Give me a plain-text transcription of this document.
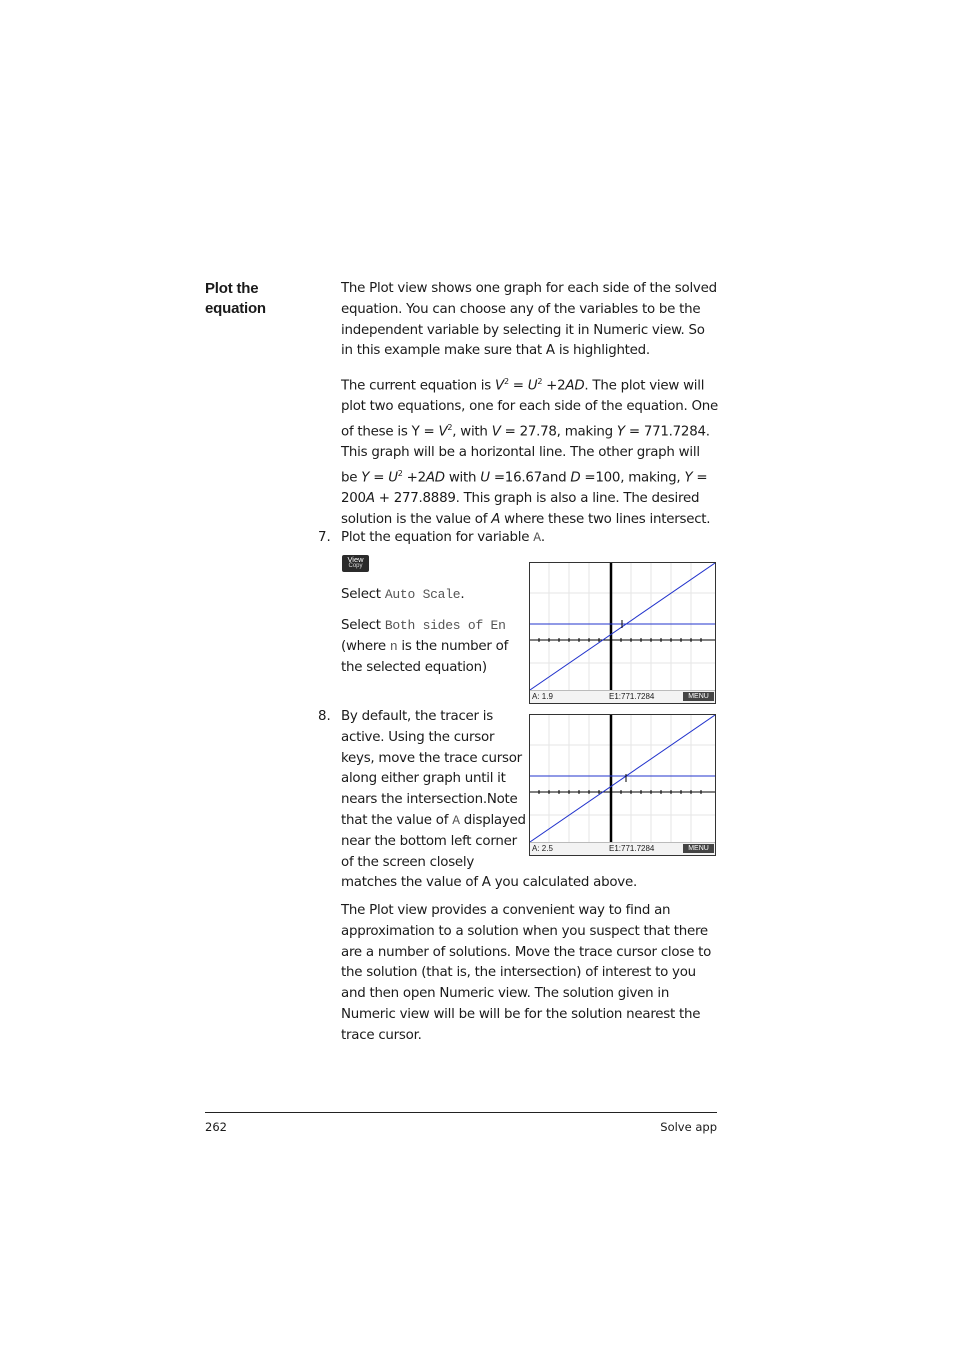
Plot the
equation
The Plot view shows one graph for each side of the solved equation. You can choose any of the variables to be the independent variable by selecting it in Numeric view. So in this example make sure that A is highlighted.
The current equation is $V^2 = U^2 +2AD$. The plot view will plot two equations, one for each side of the equation. One of these is $Y = V^2$, with V = 27.78, making Y = 771.7284. This graph will be a horizontal line. The other graph will be $Y = U^2 +2AD$ with U =16.67and D =100, making, Y = 200A + 277.8889. This graph is also a line. The desired solution is the value of A where these two lines intersect.
7. Plot the equation for variable A.
View
Copy
Select Auto Scale.
Select Both sides of En
(where n is the number of the selected equation)
A: 1.9	E1:771.7284	MENU
8. By default, the tracer is
active. Using the cursor
keys, move the trace cursor
along either graph until it
nears the intersection.Note
that the value of A displayed
near the bottom left corner
of the screen closely
matches the value of A you calculated above.
A: 2.5	E1:771.7284	MENU
The Plot view provides a convenient way to find an approximation to a solution when you suspect that there are a number of solutions. Move the trace cursor close to the solution (that is, the intersection) of interest to you and then open Numeric view. The solution given in Numeric view will be will be for the solution nearest the trace cursor.
262	Solve app
